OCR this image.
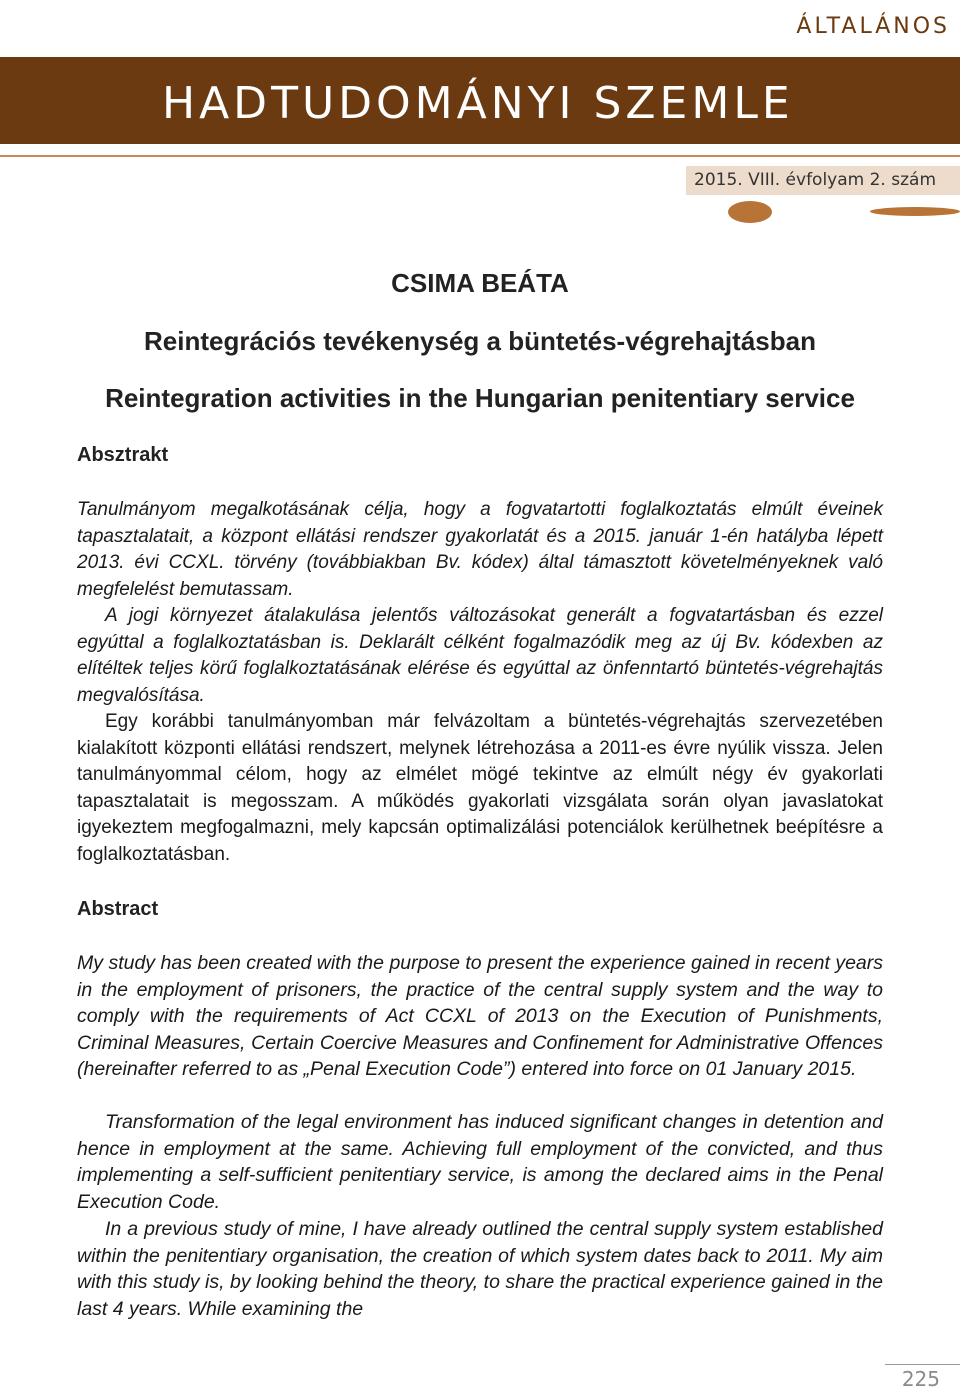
ÁLTALÁNOS
HADTUDOMÁNYI SZEMLE
2015. VIII. évfolyam 2. szám
CSIMA BEÁTA
Reintegrációs tevékenység a büntetés-végrehajtásban
Reintegration activities in the Hungarian penitentiary service
Absztrakt

Tanulmányom megalkotásának célja, hogy a fogvatartotti foglalkoztatás elmúlt éveinek tapasztalatait, a központ ellátási rendszer gyakorlatát és a 2015. január 1-én hatályba lépett 2013. évi CCXL. törvény (továbbiakban Bv. kódex) által támasztott követelményeknek való megfelelést bemutassam.

A jogi környezet átalakulása jelentős változásokat generált a fogvatartásban és ezzel egyúttal a foglalkoztatásban is. Deklarált célként fogalmazódik meg az új Bv. kódexben az elítéltek teljes körű foglalkoztatásának elérése és egyúttal az önfenntartó büntetés-végrehajtás megvalósítása.

Egy korábbi tanulmányomban már felvázoltam a büntetés-végrehajtás szervezetében kialakított központi ellátási rendszert, melynek létrehozása a 2011-es évre nyúlik vissza. Jelen tanulmányommal célom, hogy az elmélet mögé tekintve az elmúlt négy év gyakorlati tapasztalatait is megosszam. A működés gyakorlati vizsgálata során olyan javaslatokat igyekeztem megfogalmazni, mely kapcsán optimalizálási potenciálok kerülhetnek beépítésre a foglalkoztatásban.

Abstract

My study has been created with the purpose to present the experience gained in recent years in the employment of prisoners, the practice of the central supply system and the way to comply with the requirements of Act CCXL of 2013 on the Execution of Punishments, Criminal Measures, Certain Coercive Measures and Confinement for Administrative Offences (hereinafter referred to as „Penal Execution Code”) entered into force on 01 January 2015.

Transformation of the legal environment has induced significant changes in detention and hence in employment at the same. Achieving full employment of the convicted, and thus implementing a self-sufficient penitentiary service, is among the declared aims in the Penal Execution Code.

In a previous study of mine, I have already outlined the central supply system established within the penitentiary organisation, the creation of which system dates back to 2011. My aim with this study is, by looking behind the theory, to share the practical experience gained in the last 4 years. While examining the

225
